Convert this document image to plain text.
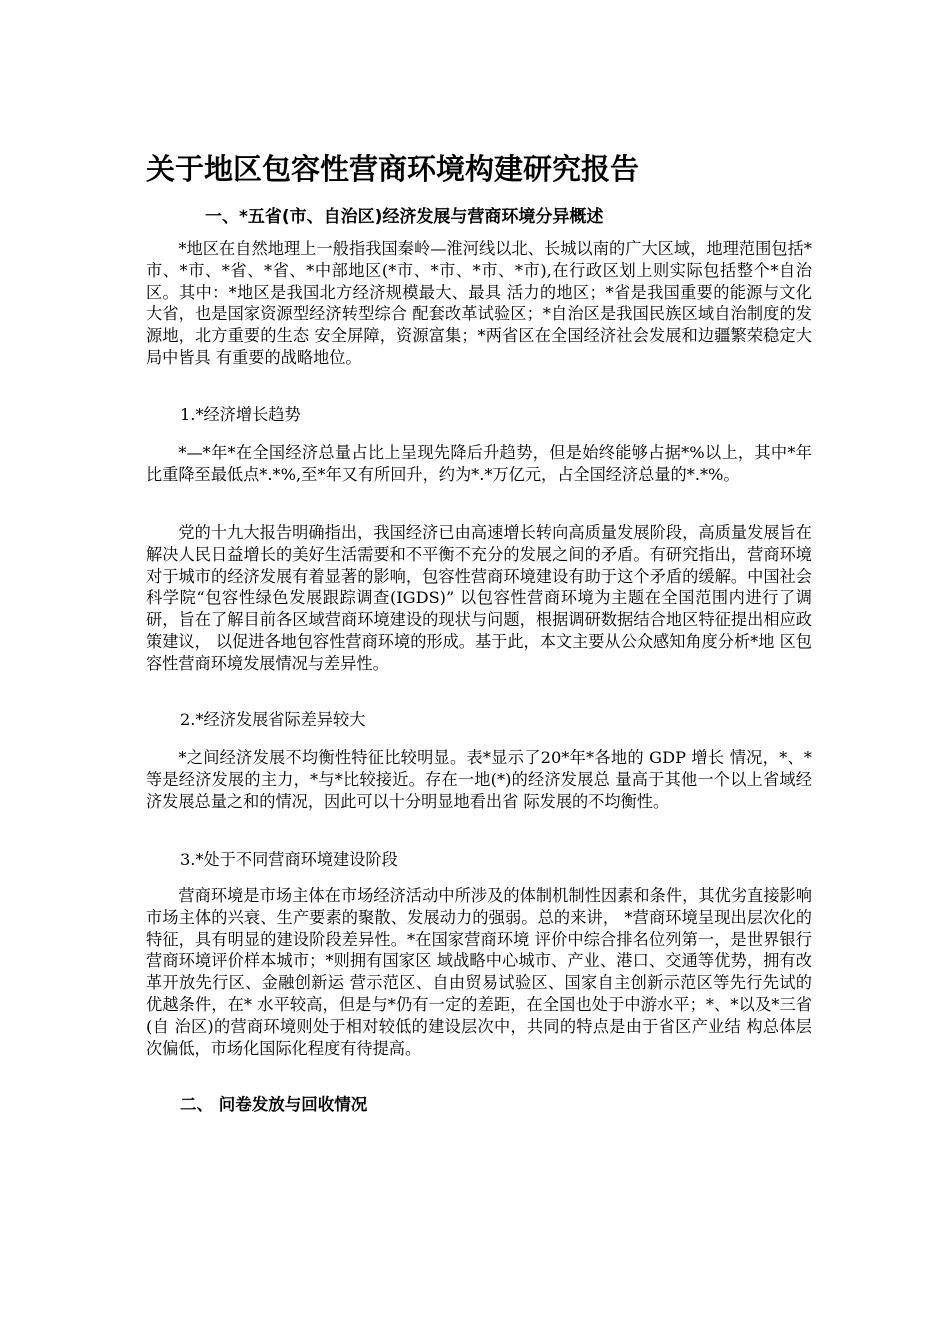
关于地区包容性营商环境构建研究报告
一、*五省(市、自治区)经济发展与营商环境分异概述
*地区在自然地理上一般指我国秦岭—淮河线以北、长城以南的广大区域，地理范围包括*市、*市、*省、*省、*中部地区(*市、*市、*市、*市),在行政区划上则实际包括整个*自治区。其中：*地区是我国北方经济规模最大、最具 活力的地区；*省是我国重要的能源与文化大省，也是国家资源型经济转型综合 配套改革试验区；*自治区是我国民族区域自治制度的发源地，北方重要的生态 安全屏障，资源富集；*两省区在全国经济社会发展和边疆繁荣稳定大局中皆具 有重要的战略地位。
1.*经济增长趋势
*—*年*在全国经济总量占比上呈现先降后升趋势，但是始终能够占据*%以上，其中*年比重降至最低点*.*%,至*年又有所回升，约为*.*万亿元，占全国经济总量的*.*%。
党的十九大报告明确指出，我国经济已由高速增长转向高质量发展阶段，高质量发展旨在解决人民日益增长的美好生活需要和不平衡不充分的发展之间的矛盾。有研究指出，营商环境对于城市的经济发展有着显著的影响，包容性营商环境建设有助于这个矛盾的缓解。中国社会科学院“包容性绿色发展跟踪调查(IGDS)” 以包容性营商环境为主题在全国范围内进行了调研，旨在了解目前各区域营商环境建设的现状与问题，根据调研数据结合地区特征提出相应政策建议， 以促进各地包容性营商环境的形成。基于此，本文主要从公众感知角度分析*地 区包容性营商环境发展情况与差异性。
2.*经济发展省际差异较大
*之间经济发展不均衡性特征比较明显。表*显示了20*年*各地的 GDP 增长 情况，*、*等是经济发展的主力，*与*比较接近。存在一地(*)的经济发展总 量高于其他一个以上省域经济发展总量之和的情况，因此可以十分明显地看出省 际发展的不均衡性。
3.*处于不同营商环境建设阶段
营商环境是市场主体在市场经济活动中所涉及的体制机制性因素和条件，其优劣直接影响市场主体的兴衰、生产要素的聚散、发展动力的强弱。总的来讲， *营商环境呈现出层次化的特征，具有明显的建设阶段差异性。*在国家营商环境 评价中综合排名位列第一，是世界银行营商环境评价样本城市；*则拥有国家区 域战略中心城市、产业、港口、交通等优势，拥有改革开放先行区、金融创新运 营示范区、自由贸易试验区、国家自主创新示范区等先行先试的优越条件，在* 水平较高，但是与*仍有一定的差距，在全国也处于中游水平；*、*以及*三省(自 治区)的营商环境则处于相对较低的建设层次中，共同的特点是由于省区产业结 构总体层次偏低，市场化国际化程度有待提高。
二、 问卷发放与回收情况
